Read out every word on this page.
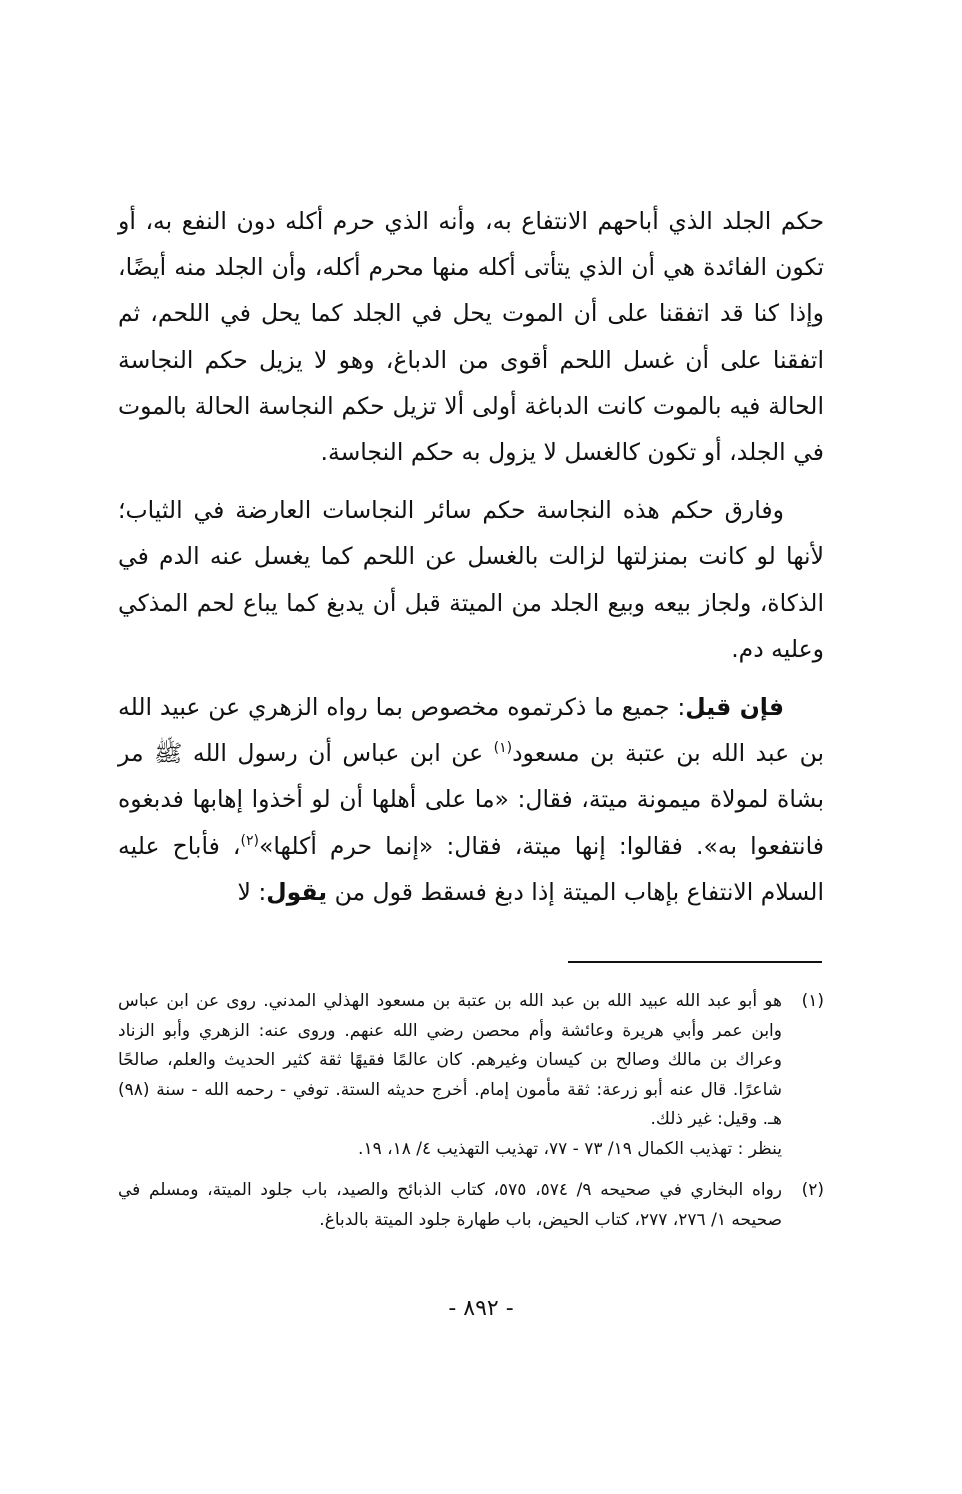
حكم الجلد الذي أباحهم الانتفاع به، وأنه الذي حرم أكله دون النفع به، أو تكون الفائدة هي أن الذي يتأتى أكله منها محرم أكله، وأن الجلد منه أيضًا، وإذا كنا قد اتفقنا على أن الموت يحل في الجلد كما يحل في اللحم، ثم اتفقنا على أن غسل اللحم أقوى من الدباغ، وهو لا يزيل حكم النجاسة الحالة فيه بالموت كانت الدباغة أولى ألا تزيل حكم النجاسة الحالة بالموت في الجلد، أو تكون كالغسل لا يزول به حكم النجاسة.

وفارق حكم هذه النجاسة حكم سائر النجاسات العارضة في الثياب؛ لأنها لو كانت بمنزلتها لزالت بالغسل عن اللحم كما يغسل عنه الدم في الذكاة، ولجاز بيعه وبيع الجلد من الميتة قبل أن يدبغ كما يباع لحم المذكي وعليه دم.

فإن قيل: جميع ما ذكرتموه مخصوص بما رواه الزهري عن عبيد الله بن عبد الله بن عتبة بن مسعود$^{(١)}$ عن ابن عباس أن رسول الله ﷺ مر بشاة لمولاة ميمونة ميتة، فقال: «ما على أهلها أن لو أخذوا إهابها فدبغوه فانتفعوا به». فقالوا: إنها ميتة، فقال: «إنما حرم أكلها»$^{(٢)}$، فأباح عليه السلام الانتفاع بإهاب الميتة إذا دبغ فسقط قول من يقول: لا

(١)
هو أبو عبد الله عبيد الله بن عبد الله بن عتبة بن مسعود الهذلي المدني. روى عن ابن عباس وابن عمر وأبي هريرة وعائشة وأم محصن رضي الله عنهم. وروى عنه: الزهري وأبو الزناد وعراك بن مالك وصالح بن كيسان وغيرهم. كان عالمًا فقيهًا ثقة كثير الحديث والعلم، صالحًا شاعرًا. قال عنه أبو زرعة: ثقة مأمون إمام. أخرج حديثه الستة. توفي - رحمه الله - سنة (٩٨) هـ. وقيل: غير ذلك.
ينظر : تهذيب الكمال ١٩/ ٧٣ - ٧٧، تهذيب التهذيب ٤/ ١٨، ١٩.
(٢)
رواه البخاري في صحيحه ٩/ ٥٧٤، ٥٧٥، كتاب الذبائح والصيد، باب جلود الميتة، ومسلم في صحيحه ١/ ٢٧٦، ٢٧٧، كتاب الحيض، باب طهارة جلود الميتة بالدباغ.
- ٨٩٢ -
